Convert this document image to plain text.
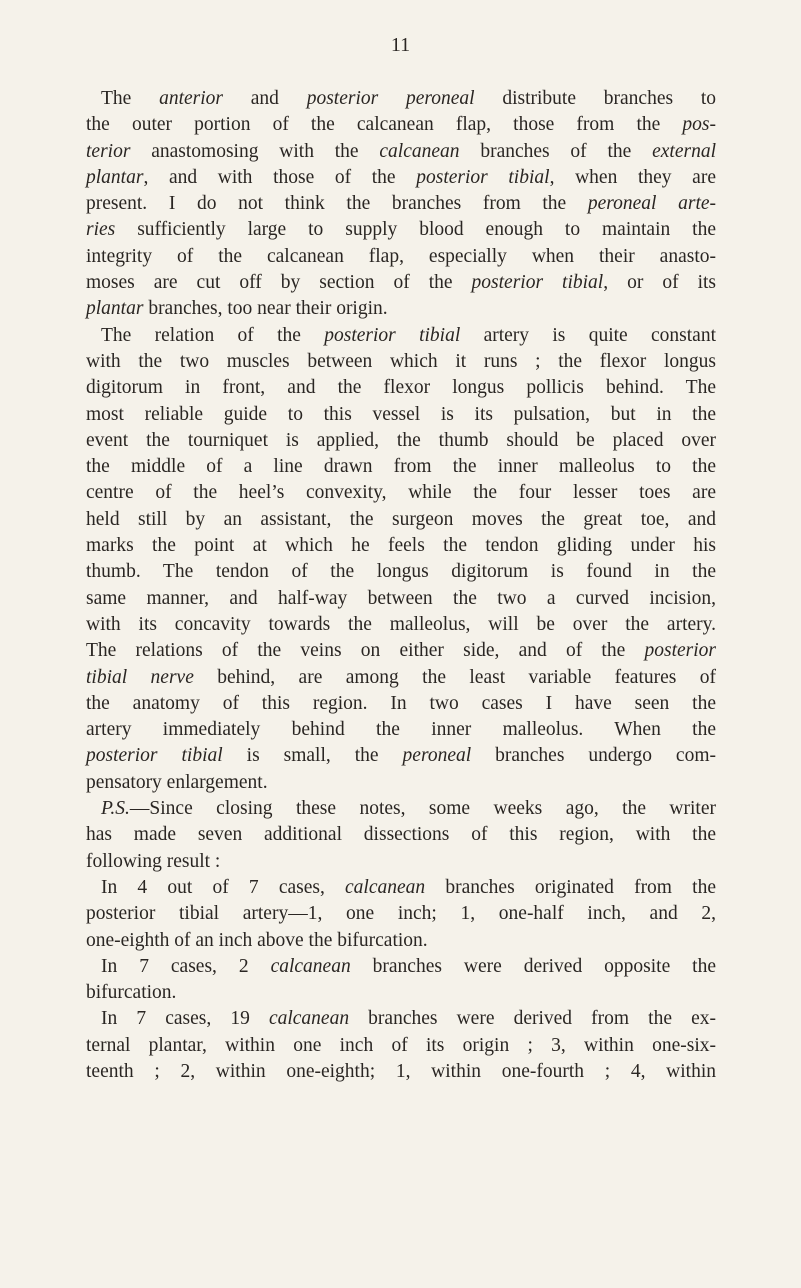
11
The anterior and posterior peroneal distribute branches to
the outer portion of the calcanean flap, those from the pos-
terior anastomosing with the calcanean branches of the external
plantar, and with those of the posterior tibial, when they are
present. I do not think the branches from the peroneal arte-
ries sufficiently large to supply blood enough to maintain the
integrity of the calcanean flap, especially when their anasto-
moses are cut off by section of the posterior tibial, or of its
plantar branches, too near their origin.
The relation of the posterior tibial artery is quite constant
with the two muscles between which it runs ; the flexor longus
digitorum in front, and the flexor longus pollicis behind. The
most reliable guide to this vessel is its pulsation, but in the
event the tourniquet is applied, the thumb should be placed over
the middle of a line drawn from the inner malleolus to the
centre of the heel’s convexity, while the four lesser toes are
held still by an assistant, the surgeon moves the great toe, and
marks the point at which he feels the tendon gliding under his
thumb. The tendon of the longus digitorum is found in the
same manner, and half-way between the two a curved incision,
with its concavity towards the malleolus, will be over the artery.
The relations of the veins on either side, and of the posterior
tibial nerve behind, are among the least variable features of
the anatomy of this region. In two cases I have seen the
artery immediately behind the inner malleolus. When the
posterior tibial is small, the peroneal branches undergo com-
pensatory enlargement.
P.S.—Since closing these notes, some weeks ago, the writer
has made seven additional dissections of this region, with the
following result :
In 4 out of 7 cases, calcanean branches originated from the
posterior tibial artery—1, one inch; 1, one-half inch, and 2,
one-eighth of an inch above the bifurcation.
In 7 cases, 2 calcanean branches were derived opposite the
bifurcation.
In 7 cases, 19 calcanean branches were derived from the ex-
ternal plantar, within one inch of its origin ; 3, within one-six-
teenth ; 2, within one-eighth; 1, within one-fourth ; 4, within
